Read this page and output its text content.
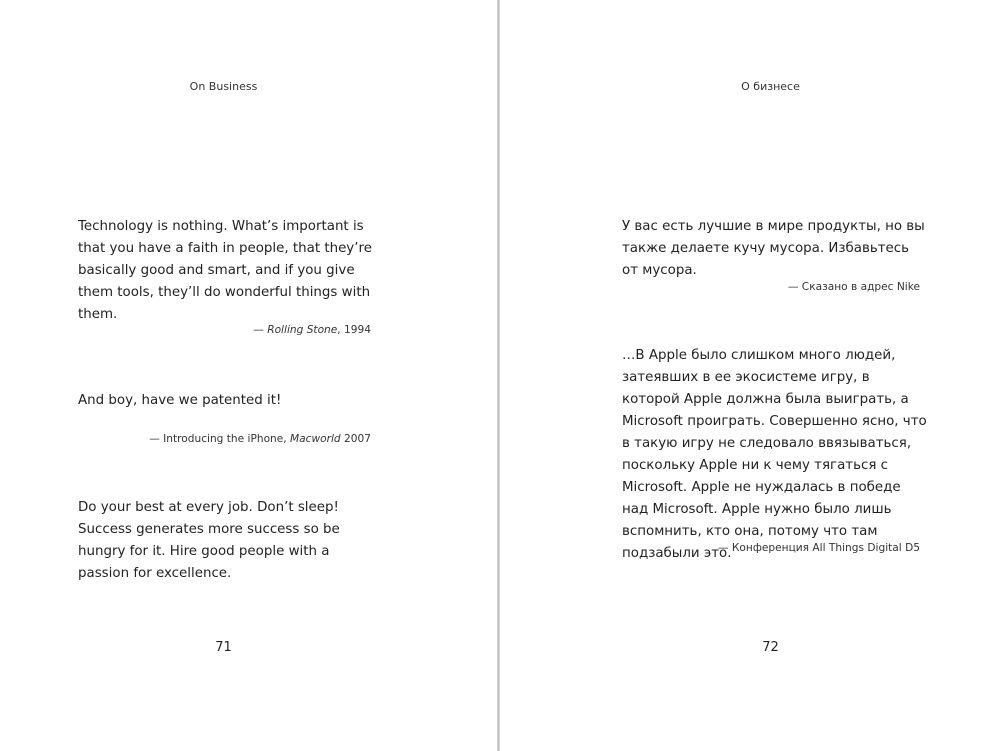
On Business
Technology is nothing. What’s important is that you have a faith in people, that they’re basically good and smart, and if you give them tools, they’ll do wonderful things with them.
— Rolling Stone, 1994
And boy, have we patented it!
— Introducing the iPhone, Macworld 2007
Do your best at every job. Don’t sleep! Success generates more success so be hungry for it. Hire good people with a passion for excellence.
71
О бизнесе
У вас есть лучшие в мире продукты, но вы также делаете кучу мусора. Избавьтесь от мусора.
— Сказано в адрес Nike
…В Apple было слишком много людей, затеявших в ее экосистеме игру, в которой Apple должна была выиграть, а Microsoft проиграть. Совершенно ясно, что в такую игру не следовало ввязываться, поскольку Apple ни к чему тягаться с Microsoft. Apple не нуждалась в победе над Microsoft. Apple нужно было лишь вспомнить, кто она, потому что там подзабыли это.
— Конференция All Things Digital D5
72
